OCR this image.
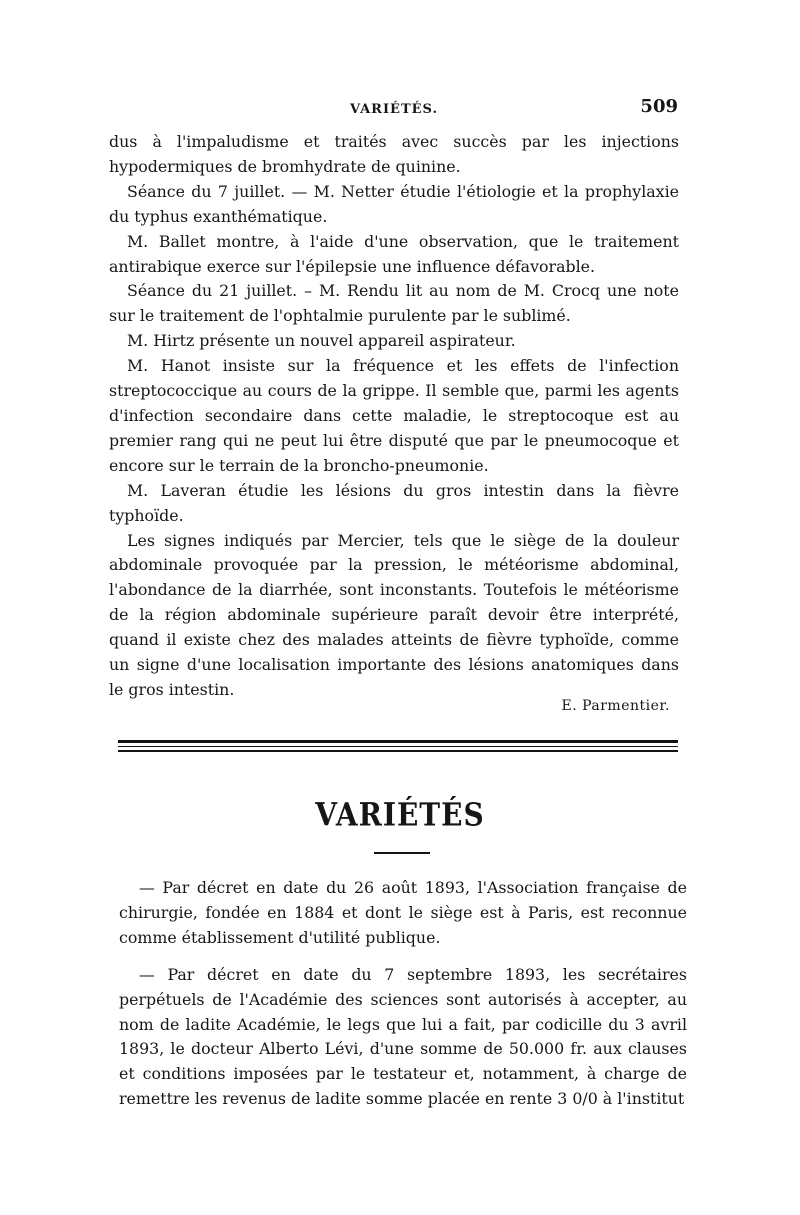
VARIÉTÉS.	509

dus à l'impaludisme et traités avec succès par les injections hypodermiques de bromhydrate de quinine.

Séance du 7 juillet. — M. Netter étudie l'étiologie et la prophylaxie du typhus exanthématique.

M. Ballet montre, à l'aide d'une observation, que le traitement antirabique exerce sur l'épilepsie une influence défavorable.

Séance du 21 juillet. – M. Rendu lit au nom de M. Crocq une note sur le traitement de l'ophtalmie purulente par le sublimé.

M. Hirtz présente un nouvel appareil aspirateur.

M. Hanot insiste sur la fréquence et les effets de l'infection streptococcique au cours de la grippe. Il semble que, parmi les agents d'infection secondaire dans cette maladie, le streptocoque est au premier rang qui ne peut lui être disputé que par le pneumocoque et encore sur le terrain de la broncho-pneumonie.

M. Laveran étudie les lésions du gros intestin dans la fièvre typhoïde.

Les signes indiqués par Mercier, tels que le siège de la douleur abdominale provoquée par la pression, le météorisme abdominal, l'abondance de la diarrhée, sont inconstants. Toutefois le météorisme de la région abdominale supérieure paraît devoir être interprété, quand il existe chez des malades atteints de fièvre typhoïde, comme un signe d'une localisation importante des lésions anatomiques dans le gros intestin.

E. Parmentier.
VARIÉTÉS

— Par décret en date du 26 août 1893, l'Association française de chirurgie, fondée en 1884 et dont le siège est à Paris, est reconnue comme établissement d'utilité publique.

— Par décret en date du 7 septembre 1893, les secrétaires perpétuels de l'Académie des sciences sont autorisés à accepter, au nom de ladite Académie, le legs que lui a fait, par codicille du 3 avril 1893, le docteur Alberto Lévi, d'une somme de 50.000 fr. aux clauses et conditions imposées par le testateur et, notamment, à charge de remettre les revenus de ladite somme placée en rente 3 0/0 à l'institut
